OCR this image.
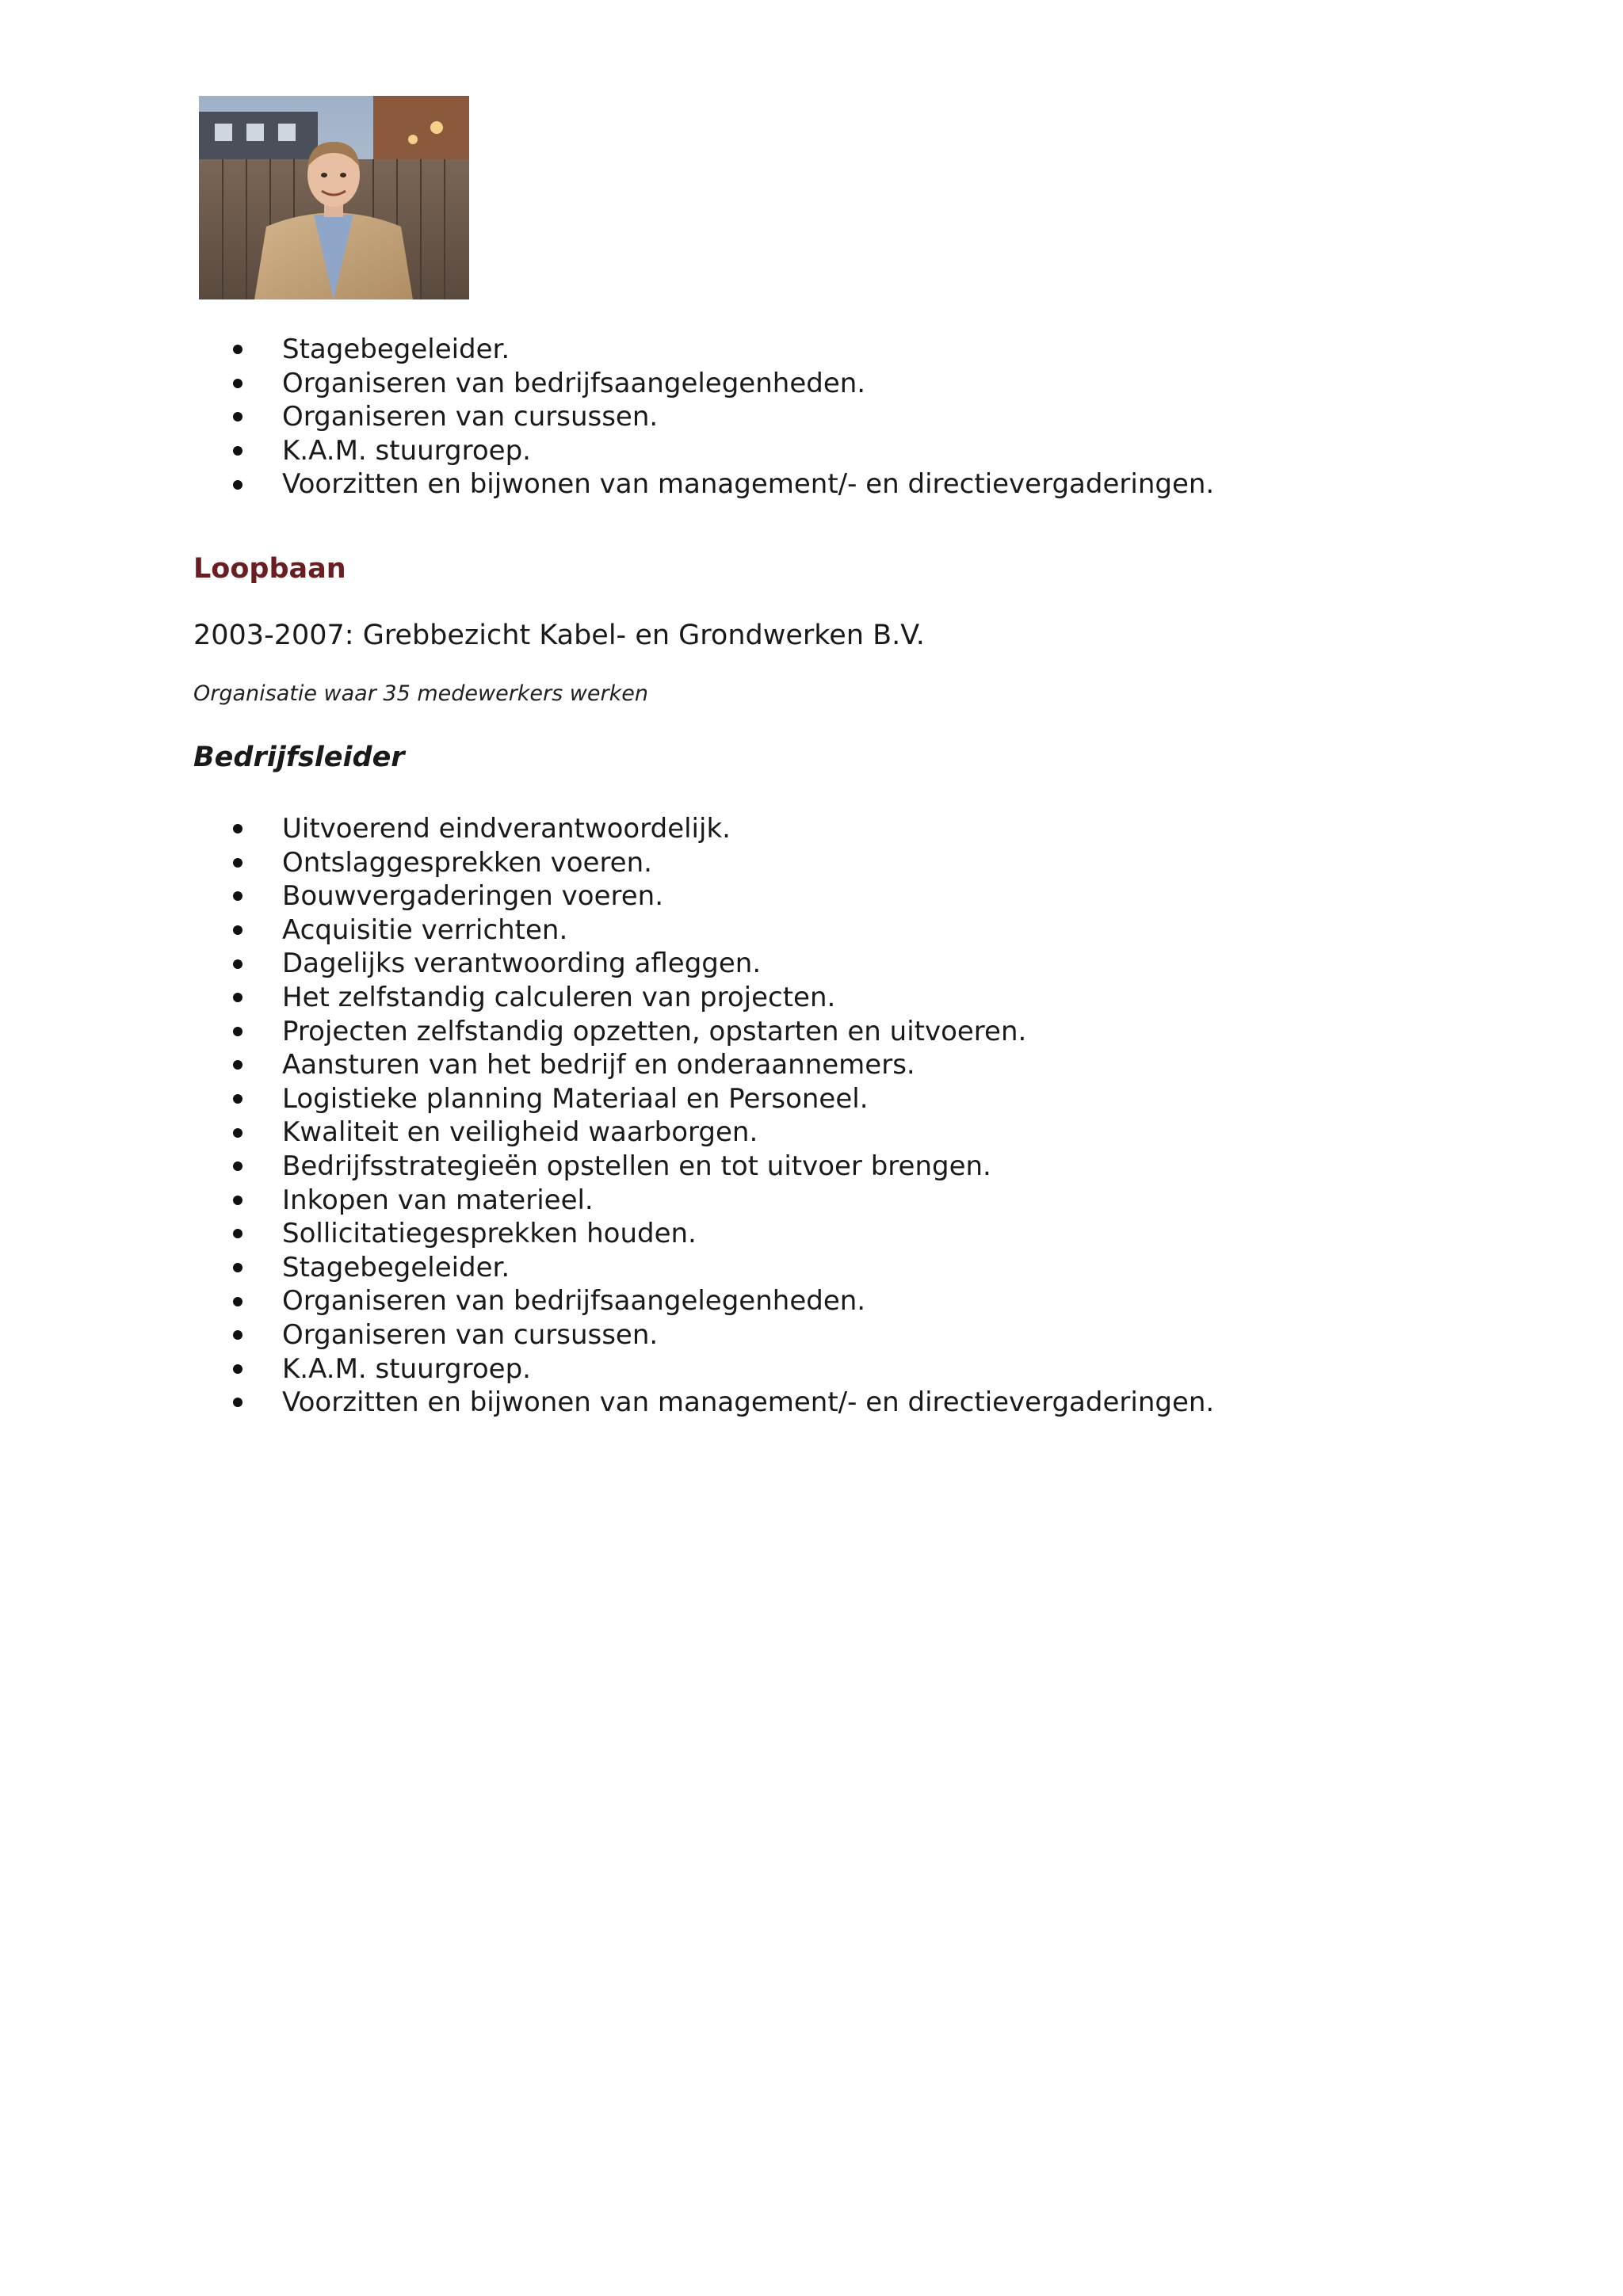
Stagebegeleider.
Organiseren van bedrijfsaangelegenheden.
Organiseren van cursussen.
K.A.M. stuurgroep.
Voorzitten en bijwonen van management/- en directievergaderingen.
Loopbaan
2003-2007: Grebbezicht Kabel- en Grondwerken B.V.
Organisatie waar 35 medewerkers werken
Bedrijfsleider
Uitvoerend eindverantwoordelijk.
Ontslaggesprekken voeren.
Bouwvergaderingen voeren.
Acquisitie verrichten.
Dagelijks verantwoording afleggen.
Het zelfstandig calculeren van projecten.
Projecten zelfstandig opzetten, opstarten en uitvoeren.
Aansturen van het bedrijf en onderaannemers.
Logistieke planning Materiaal en Personeel.
Kwaliteit en veiligheid waarborgen.
Bedrijfsstrategieën opstellen en tot uitvoer brengen.
Inkopen van materieel.
Sollicitatiegesprekken houden.
Stagebegeleider.
Organiseren van bedrijfsaangelegenheden.
Organiseren van cursussen.
K.A.M. stuurgroep.
Voorzitten en bijwonen van management/- en directievergaderingen.
